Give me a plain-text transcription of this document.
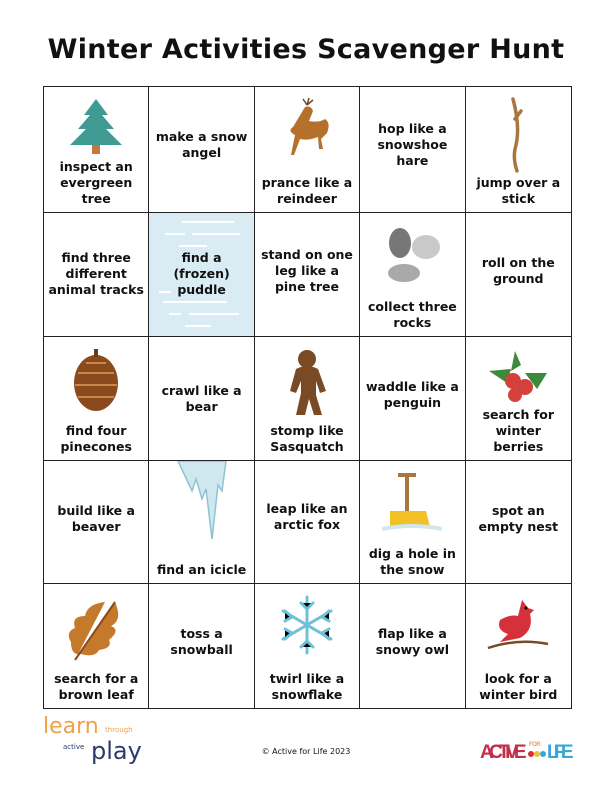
Winter Activities Scavenger Hunt
inspect an evergreen tree
make a snow angel
prance like a reindeer
hop like a snowshoe hare
jump over a stick
find three different animal tracks
find a (frozen) puddle
stand on one leg like a pine tree
collect three rocks
roll on the ground
find four pinecones
crawl like a bear
stomp like Sasquatch
waddle like a penguin
search for winter berries
build like a beaver
find an icicle
leap like an arctic fox
dig a hole in the snow
spot an empty nest
search for a brown leaf
toss a snowball
twirl like a snowflake
flap like a snowy owl
look for a winter bird
learn through
active play	© Active for Life 2023	ACTIVE FOR LIFE
